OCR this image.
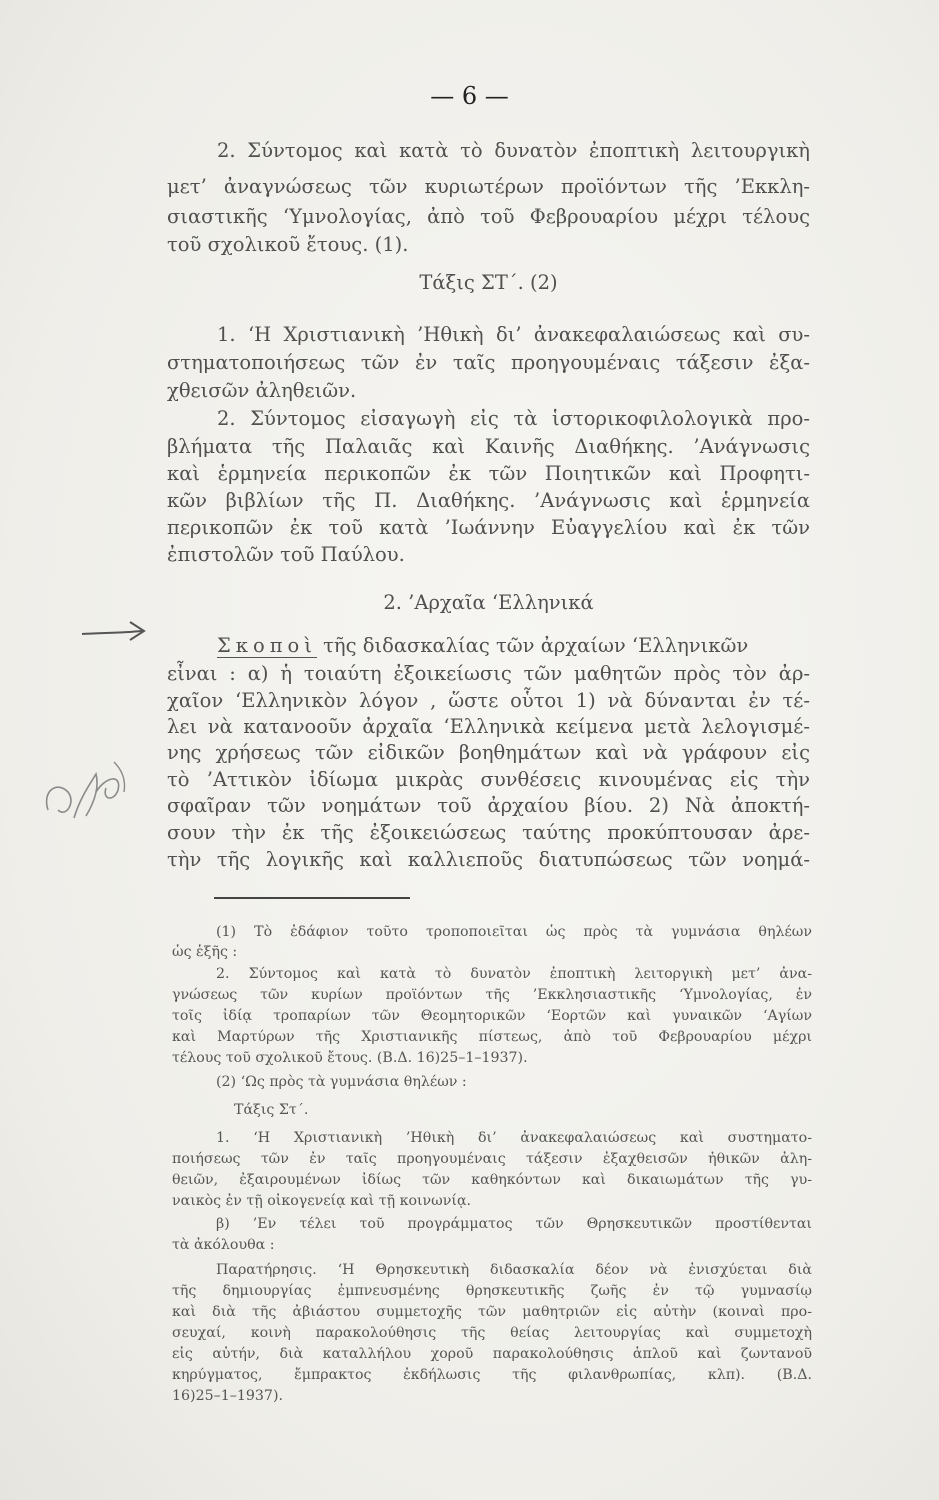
— 6 —
2. Σύντομος καὶ κατὰ τὸ δυνατὸν ἐποπτικὴ λειτουργικὴ
μετ’ ἀναγνώσεως τῶν κυριωτέρων προϊόντων τῆς ’Εκκλη-
σιαστικῆς ‘Υμνολογίας, ἀπὸ τοῦ Φεβρουαρίου μέχρι τέλους
τοῦ σχολικοῦ ἔτους. (1).
Τάξις ΣΤ΄. (2)
1. ‘Η Χριστιανικὴ ’Ηθικὴ δι’ ἀνακεφαλαιώσεως καὶ συ-
στηματοποιήσεως τῶν ἐν ταῖς προηγουμέναις τάξεσιν ἐξα-
χθεισῶν ἀληθειῶν.
2. Σύντομος εἰσαγωγὴ εἰς τὰ ἱστορικοφιλολογικὰ προ-
βλήματα τῆς Παλαιᾶς καὶ Καινῆς Διαθήκης. ’Ανάγνωσις
καὶ ἑρμηνεία περικοπῶν ἐκ τῶν Ποιητικῶν καὶ Προφητι-
κῶν βιβλίων τῆς Π. Διαθήκης. ’Ανάγνωσις καὶ ἑρμηνεία
περικοπῶν ἐκ τοῦ κατὰ ’Ιωάννην Εὐαγγελίου καὶ ἐκ τῶν
ἐπιστολῶν τοῦ Παύλου.
2. ’Αρχαῖα ‘Ελληνικά
Σκοποὶ τῆς διδασκαλίας τῶν ἀρχαίων ‘Ελληνικῶν
εἶναι : α) ἡ τοιαύτη ἐξοικείωσις τῶν μαθητῶν πρὸς τὸν ἀρ-
χαῖον ‘Ελληνικὸν λόγον , ὥστε οὗτοι 1) νὰ δύνανται ἐν τέ-
λει νὰ κατανοοῦν ἀρχαῖα ‘Ελληνικὰ κείμενα μετὰ λελογισμέ-
νης χρήσεως τῶν εἰδικῶν βοηθημάτων καὶ νὰ γράφουν εἰς
τὸ ’Αττικὸν ἰδίωμα μικρὰς συνθέσεις κινουμένας εἰς τὴν
σφαῖραν τῶν νοημάτων τοῦ ἀρχαίου βίου. 2) Νὰ ἀποκτή-
σουν τὴν ἐκ τῆς ἐξοικειώσεως ταύτης προκύπτουσαν ἀρε-
τὴν τῆς λογικῆς καὶ καλλιεποῦς διατυπώσεως τῶν νοημά-
(1) Τὸ ἐδάφιον τοῦτο τροποποιεῖται ὡς πρὸς τὰ γυμνάσια θηλέων
ὡς ἑξῆς :
2. Σύντομος καὶ κατὰ τὸ δυνατὸν ἐποπτικὴ λειτοργικὴ μετ’ ἀνα-
γνώσεως τῶν κυρίων προϊόντων τῆς ’Εκκλησιαστικῆς ‘Υμνολογίας, ἐν
τοῖς ἰδίᾳ τροπαρίων τῶν Θεομητορικῶν ‘Εορτῶν καὶ γυναικῶν ‘Αγίων
καὶ Μαρτύρων τῆς Χριστιανικῆς πίστεως, ἀπὸ τοῦ Φεβρουαρίου μέχρι
τέλους τοῦ σχολικοῦ ἔτους. (Β.Δ. 16)25–1–1937).
(2) ‘Ως πρὸς τὰ γυμνάσια θηλέων :
Τάξις Στ΄.
1. ‘Η Χριστιανικὴ ’Ηθικὴ δι’ ἀνακεφαλαιώσεως καὶ συστηματο-
ποιήσεως τῶν ἐν ταῖς προηγουμέναις τάξεσιν ἐξαχθεισῶν ἠθικῶν ἀλη-
θειῶν, ἐξαιρουμένων ἰδίως τῶν καθηκόντων καὶ δικαιωμάτων τῆς γυ-
ναικὸς ἐν τῇ οἰκογενείᾳ καὶ τῇ κοινωνίᾳ.
β) ’Εν τέλει τοῦ προγράμματος τῶν Θρησκευτικῶν προστίθενται
τὰ ἀκόλουθα :
Παρατήρησις. ‘Η Θρησκευτικὴ διδασκαλία δέον νὰ ἐνισχύεται διὰ
τῆς δημιουργίας ἐμπνευσμένης θρησκευτικῆς ζωῆς ἐν τῷ γυμνασίῳ
καὶ διὰ τῆς ἀβιάστου συμμετοχῆς τῶν μαθητριῶν εἰς αὐτὴν (κοιναὶ προ-
σευχαί, κοινὴ παρακολούθησις τῆς θείας λειτουργίας καὶ συμμετοχὴ
εἰς αὐτήν, διὰ καταλλήλου χοροῦ παρακολούθησις ἁπλοῦ καὶ ζωντανοῦ
κηρύγματος, ἔμπρακτος ἐκδήλωσις τῆς φιλανθρωπίας, κλπ). (Β.Δ.
16)25–1–1937).
